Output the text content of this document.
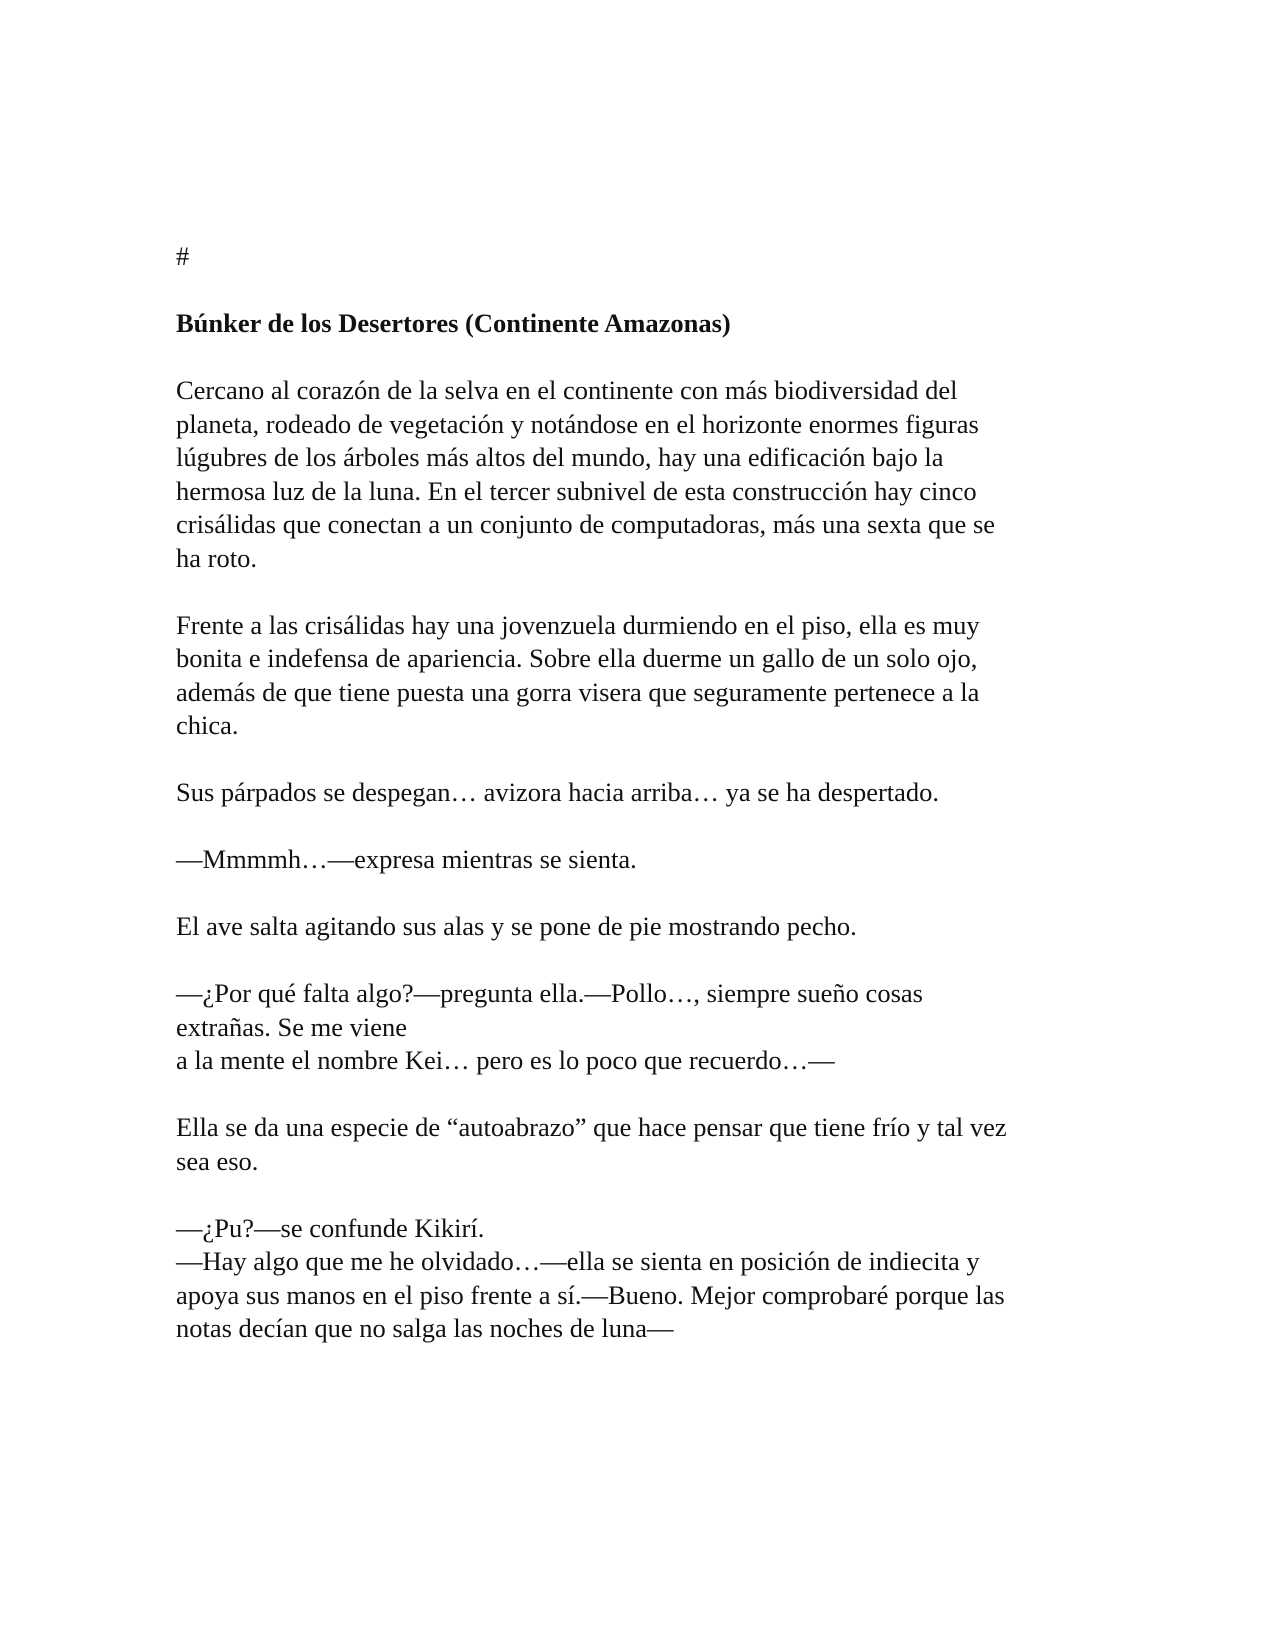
#

Búnker de los Desertores (Continente Amazonas)

Cercano al corazón de la selva en el continente con más biodiversidad del
planeta, rodeado de vegetación y notándose en el horizonte enormes figuras
lúgubres de los árboles más altos del mundo, hay una edificación bajo la
hermosa luz de la luna. En el tercer subnivel de esta construcción hay cinco
crisálidas que conectan a un conjunto de computadoras, más una sexta que se
ha roto.

Frente a las crisálidas hay una jovenzuela durmiendo en el piso, ella es muy
bonita e indefensa de apariencia. Sobre ella duerme un gallo de un solo ojo,
además de que tiene puesta una gorra visera que seguramente pertenece a la
chica.

Sus párpados se despegan… avizora hacia arriba… ya se ha despertado.

—Mmmmh…—expresa mientras se sienta.

El ave salta agitando sus alas y se pone de pie mostrando pecho.

—¿Por qué falta algo?—pregunta ella.—Pollo…, siempre sueño cosas
extrañas. Se me viene
a la mente el nombre Kei… pero es lo poco que recuerdo…—

Ella se da una especie de “autoabrazo” que hace pensar que tiene frío y tal vez
sea eso.

—¿Pu?—se confunde Kikirí.
—Hay algo que me he olvidado…—ella se sienta en posición de indiecita y
apoya sus manos en el piso frente a sí.—Bueno. Mejor comprobaré porque las
notas decían que no salga las noches de luna—
